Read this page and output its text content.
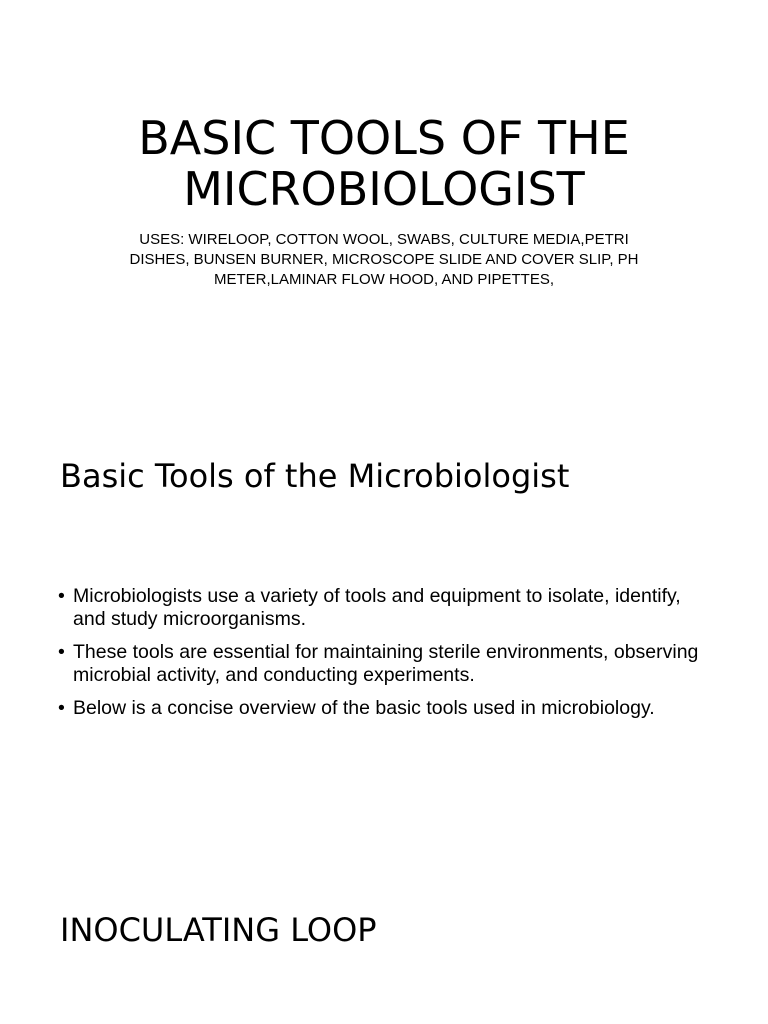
BASIC TOOLS OF THE MICROBIOLOGIST

USES: WIRELOOP, COTTON WOOL, SWABS, CULTURE MEDIA,PETRI DISHES, BUNSEN BURNER, MICROSCOPE SLIDE AND COVER SLIP, PH METER,LAMINAR FLOW HOOD, AND PIPETTES,

Basic Tools of the Microbiologist
• Microbiologists use a variety of tools and equipment to isolate, identify, and study microorganisms.
• These tools are essential for maintaining sterile environments, observing microbial activity, and conducting experiments.
• Below is a concise overview of the basic tools used in microbiology.
INOCULATING LOOP
